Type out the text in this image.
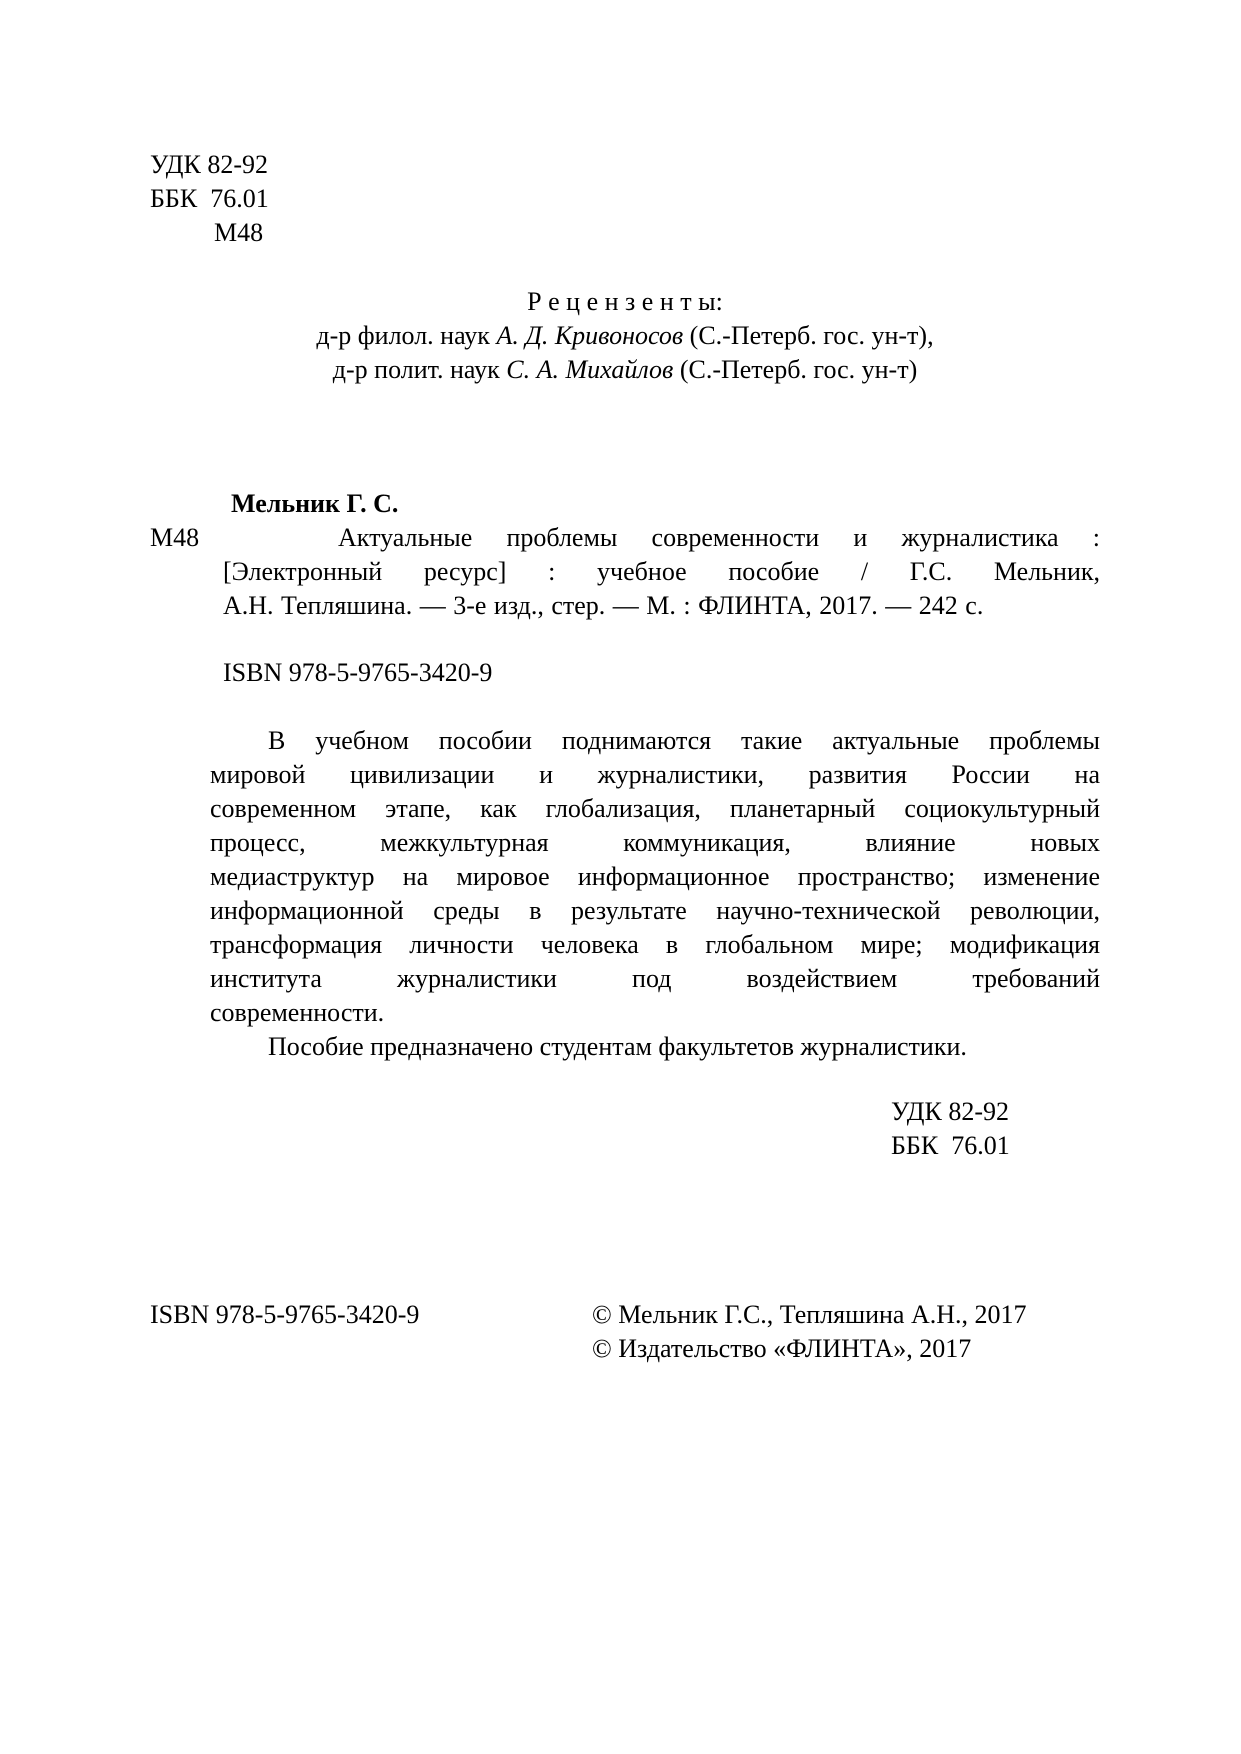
УДК 82-92
ББК  76.01
М48
Р е ц е н з е н т ы:
д-р филол. наук А. Д. Кривоносов (С.-Петерб. гос. ун-т),
д-р полит. наук С. А. Михайлов (С.-Петерб. гос. ун-т)
Мельник Г. С.
М48	Актуальные проблемы современности и журналистика :
[Электронный ресурс] : учебное пособие / Г.С. Мельник,
А.Н. Тепляшина. — 3-е изд., стер. — М. : ФЛИНТА, 2017. — 242 с.
ISBN 978-5-9765-3420-9
В учебном пособии поднимаются такие актуальные проблемы
мировой цивилизации и журналистики, развития России на
современном этапе, как глобализация, планетарный социокультурный
процесс, межкультурная коммуникация, влияние новых
медиаструктур на мировое информационное пространство; изменение
информационной среды в результате научно-технической революции,
трансформация личности человека в глобальном мире; модификация
института журналистики под воздействием требований
современности.
Пособие предназначено студентам факультетов журналистики.
УДК 82-92
ББК  76.01
ISBN 978-5-9765-3420-9	© Мельник Г.С., Тепляшина А.Н., 2017
© Издательство «ФЛИНТА», 2017
